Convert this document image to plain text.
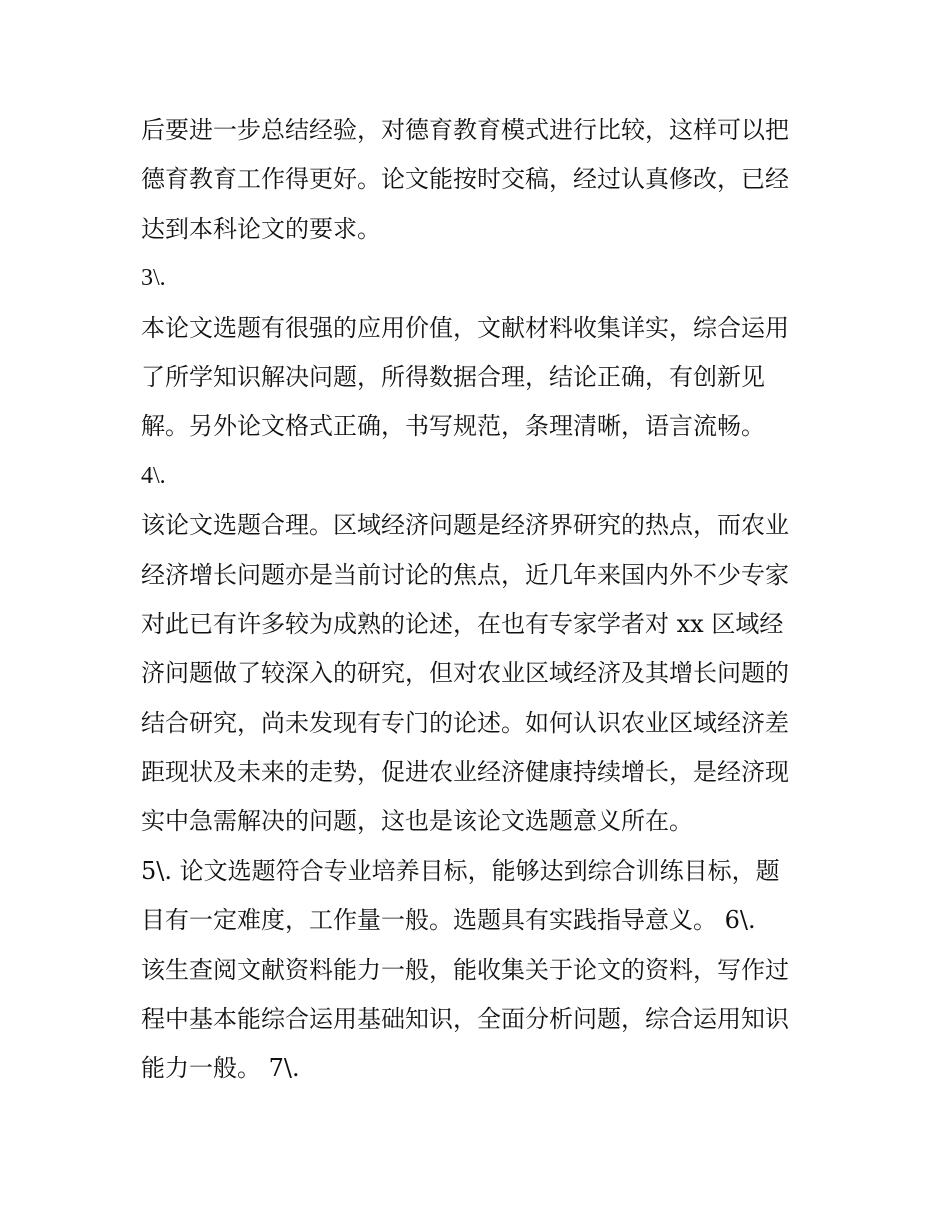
后要进一步总结经验，对德育教育模式进行比较，这样可以把
德育教育工作得更好。论文能按时交稿，经过认真修改，已经
达到本科论文的要求。
3\.
本论文选题有很强的应用价值，文献材料收集详实，综合运用
了所学知识解决问题，所得数据合理，结论正确，有创新见
解。另外论文格式正确，书写规范，条理清晰，语言流畅。
4\.
该论文选题合理。区域经济问题是经济界研究的热点，而农业
经济增长问题亦是当前讨论的焦点，近几年来国内外不少专家
对此已有许多较为成熟的论述，在也有专家学者对 xx 区域经
济问题做了较深入的研究，但对农业区域经济及其增长问题的
结合研究，尚未发现有专门的论述。如何认识农业区域经济差
距现状及未来的走势，促进农业经济健康持续增长，是经济现
实中急需解决的问题，这也是该论文选题意义所在。
5\. 论文选题符合专业培养目标，能够达到综合训练目标，题
目有一定难度，工作量一般。选题具有实践指导意义。 6\.
该生查阅文献资料能力一般，能收集关于论文的资料，写作过
程中基本能综合运用基础知识，全面分析问题，综合运用知识
能力一般。 7\.
